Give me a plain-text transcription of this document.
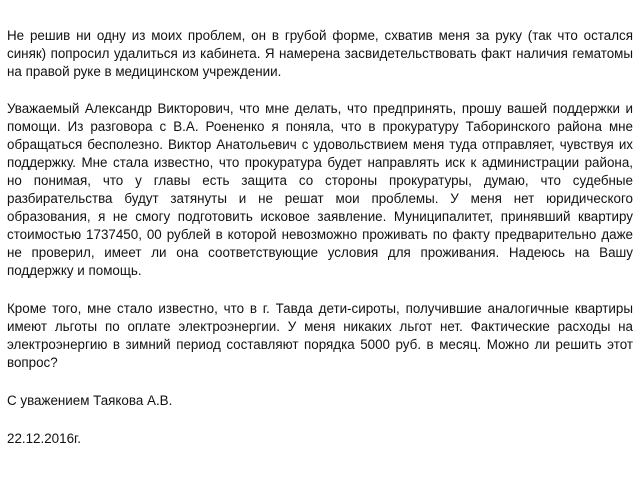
Не решив ни одну из моих проблем, он в грубой форме, схватив меня за руку (так что остался

синяк) попросил удалиться из кабинета. Я намерена засвидетельствовать факт наличия гематомы

на правой руке в медицинском учреждении.

Уважаемый Александр Викторович, что мне делать, что предпринять, прошу вашей поддержки и

помощи. Из разговора с В.А. Роененко я поняла, что в прокуратуру Таборинского района мне

обращаться бесполезно. Виктор Анатольевич с удовольствием меня туда отправляет, чувствуя их

поддержку. Мне стала известно, что прокуратура будет направлять иск к администрации района,

но понимая, что у главы есть защита со стороны прокуратуры, думаю, что судебные

разбирательства будут затянуты и не решат мои проблемы. У меня нет юридического

образования, я не смогу подготовить исковое заявление. Муниципалитет, принявший квартиру

стоимостью 1737450, 00 рублей в которой невозможно проживать по факту предварительно даже

не проверил, имеет ли она соответствующие условия для проживания. Надеюсь на Вашу

поддержку и помощь.

Кроме того, мне стало известно, что в г. Тавда дети-сироты, получившие аналогичные квартиры

имеют льготы по оплате электроэнергии. У меня никаких льгот нет. Фактические расходы на

электроэнергию в зимний период составляют порядка 5000 руб. в месяц. Можно ли решить этот

вопрос?

С уважением Таякова А.В.

22.12.2016г.
